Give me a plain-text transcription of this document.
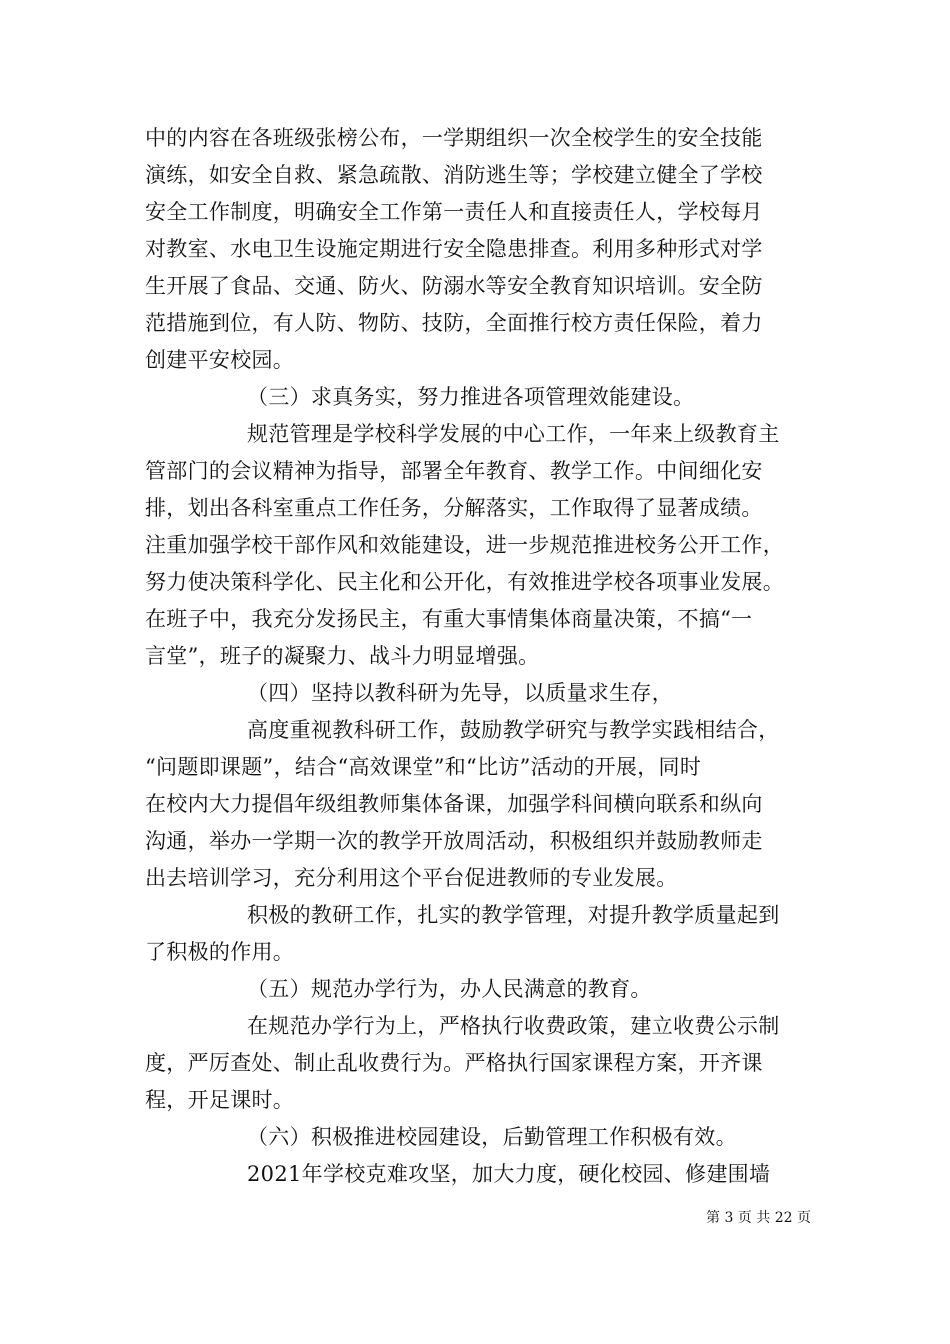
中的内容在各班级张榜公布，一学期组织一次全校学生的安全技能
演练，如安全自救、紧急疏散、消防逃生等；学校建立健全了学校
安全工作制度，明确安全工作第一责任人和直接责任人，学校每月
对教室、水电卫生设施定期进行安全隐患排查。利用多种形式对学
生开展了食品、交通、防火、防溺水等安全教育知识培训。安全防
范措施到位，有人防、物防、技防，全面推行校方责任保险，着力
创建平安校园。
（三）求真务实，努力推进各项管理效能建设。
规范管理是学校科学发展的中心工作，一年来上级教育主
管部门的会议精神为指导，部署全年教育、教学工作。中间细化安
排，划出各科室重点工作任务，分解落实，工作取得了显著成绩。
注重加强学校干部作风和效能建设，进一步规范推进校务公开工作，
努力使决策科学化、民主化和公开化，有效推进学校各项事业发展。
在班子中，我充分发扬民主，有重大事情集体商量决策，不搞“一
言堂”，班子的凝聚力、战斗力明显增强。
（四）坚持以教科研为先导，以质量求生存，
高度重视教科研工作，鼓励教学研究与教学实践相结合，
“问题即课题”，结合“高效课堂”和“比访”活动的开展，同时
在校内大力提倡年级组教师集体备课，加强学科间横向联系和纵向
沟通，举办一学期一次的教学开放周活动，积极组织并鼓励教师走
出去培训学习，充分利用这个平台促进教师的专业发展。
积极的教研工作，扎实的教学管理，对提升教学质量起到
了积极的作用。
（五）规范办学行为，办人民满意的教育。
在规范办学行为上，严格执行收费政策，建立收费公示制
度，严厉查处、制止乱收费行为。严格执行国家课程方案，开齐课
程，开足课时。
（六）积极推进校园建设，后勤管理工作积极有效。
2021年学校克难攻坚，加大力度，硬化校园、修建围墙
第 3 页 共 22 页
